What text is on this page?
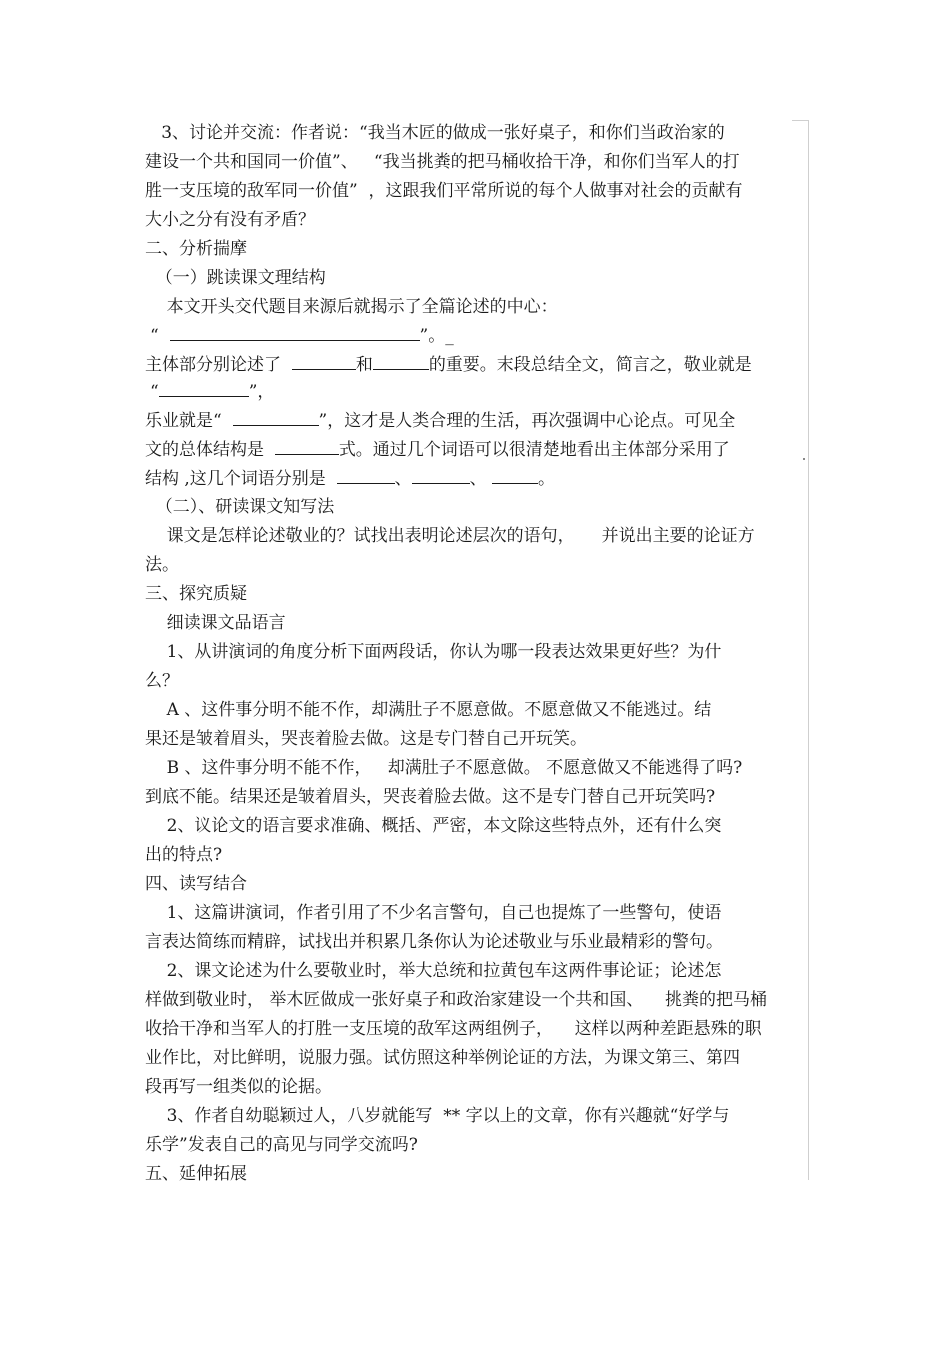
3、讨论并交流：作者说：“我当木匠的做成一张好桌子，和你们当政治家的
建设一个共和国同一价值”、   “我当挑粪的把马桶收拾干净，和你们当军人的打
胜一支压境的敌军同一价值”  ，这跟我们平常所说的每个人做事对社会的贡献有
大小之分有没有矛盾？
二、分析揣摩
（一）跳读课文理结构
本文开头交代题目来源后就揭示了全篇论述的中心：
“	”。_
主体部分别论述了	和	的重要。末段总结全文，简言之，敬业就是
“	”，
乐业就是“	”，这才是人类合理的生活，再次强调中心论点。可见全
文的总体结构是	式。通过几个词语可以很清楚地看出主体部分采用了
结构 ,这几个词语分别是	、	、	。
（二）、研读课文知写法
课文是怎样论述敬业的？试找出表明论述层次的语句，     并说出主要的论证方
法。
三、探究质疑
细读课文品语言
1、从讲演词的角度分析下面两段话，你认为哪一段表达效果更好些？为什
么？
A 、这件事分明不能不作，却满肚子不愿意做。不愿意做又不能逃过。结
果还是皱着眉头，哭丧着脸去做。这是专门替自己开玩笑。
B 、这件事分明不能不作，   却满肚子不愿意做。 不愿意做又不能逃得了吗?
到底不能。结果还是皱着眉头，哭丧着脸去做。这不是专门替自己开玩笑吗?
2、议论文的语言要求准确、概括、严密，本文除这些特点外，还有什么突
出的特点?
四、读写结合
1、这篇讲演词，作者引用了不少名言警句，自己也提炼了一些警句，使语
言表达简练而精辟，试找出并积累几条你认为论述敬业与乐业最精彩的警句。
2、课文论述为什么要敬业时，举大总统和拉黄包车这两件事论证；论述怎
样做到敬业时， 举木匠做成一张好桌子和政治家建设一个共和国、    挑粪的把马桶
收拾干净和当军人的打胜一支压境的敌军这两组例子，    这样以两种差距悬殊的职
业作比，对比鲜明，说服力强。试仿照这种举例论证的方法，为课文第三、第四
段再写一组类似的论据。
3、作者自幼聪颖过人，八岁就能写  ** 字以上的文章，你有兴趣就“好学与
乐学”发表自己的高见与同学交流吗?
五、延伸拓展
